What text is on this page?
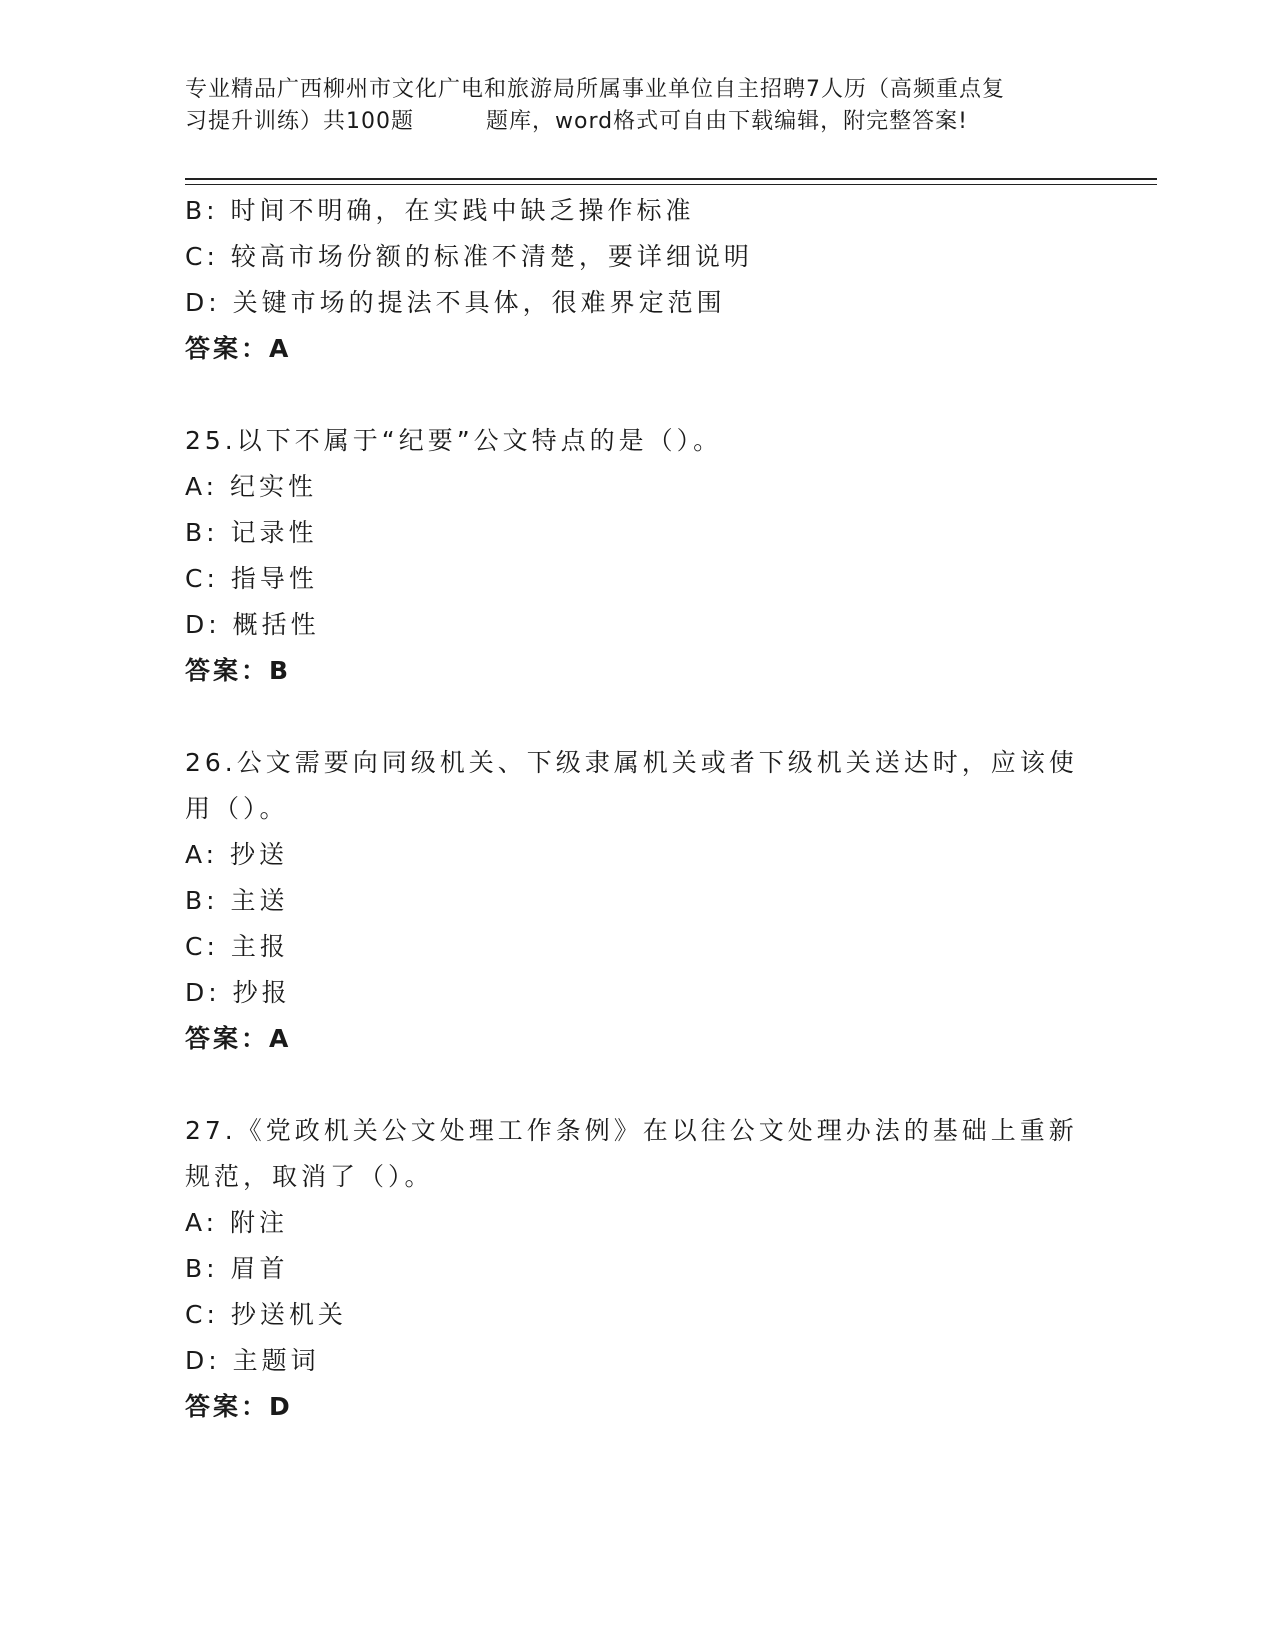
专业精品广西柳州市文化广电和旅游局所属事业单位自主招聘7人历（高频重点复
习提升训练）共100题	题库，word格式可自由下载编辑，附完整答案!
B: 时间不明确，在实践中缺乏操作标准
C: 较高市场份额的标准不清楚，要详细说明
D: 关键市场的提法不具体，很难界定范围
答案：A
25.以下不属于“纪要”公文特点的是（）。
A: 纪实性
B: 记录性
C: 指导性
D: 概括性
答案：B
26.公文需要向同级机关、下级隶属机关或者下级机关送达时，应该使
用（）。
A: 抄送
B: 主送
C: 主报
D: 抄报
答案：A
27.《党政机关公文处理工作条例》在以往公文处理办法的基础上重新
规范，取消了（）。
A: 附注
B: 眉首
C: 抄送机关
D: 主题词
答案：D
